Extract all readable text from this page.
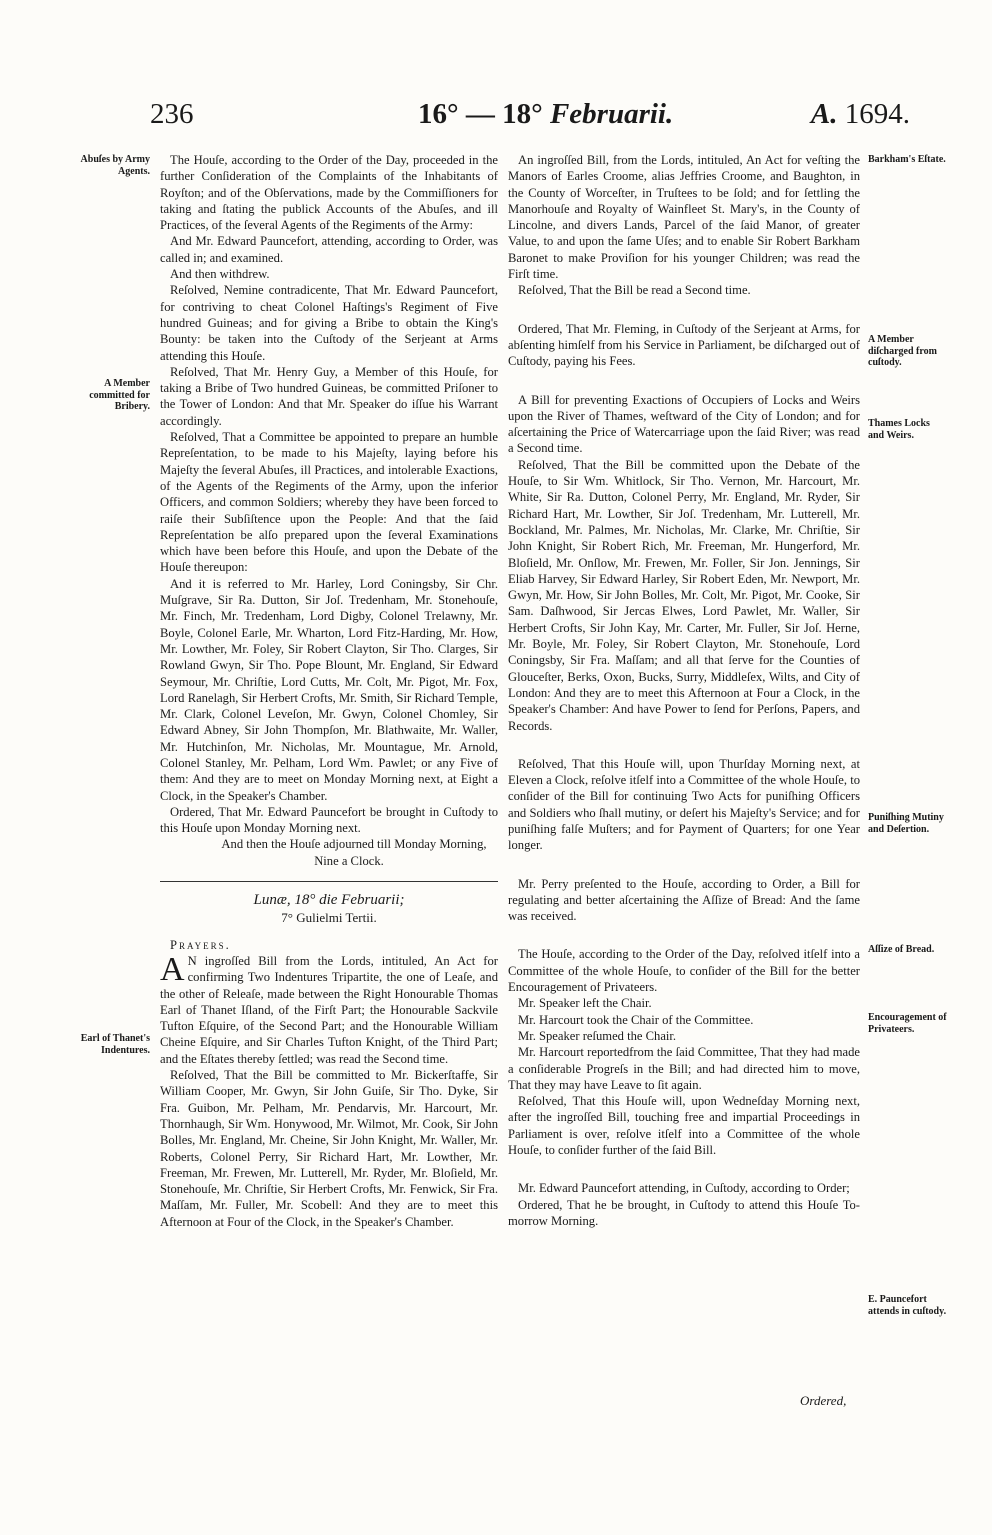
236	16° — 18° Februarii.	A. 1694.
Abuſes by Army Agents.
A Member committed for Bribery.
Earl of Thanet's Indentures.
Barkham's Eſtate.
A Member diſcharged from cuſtody.
Thames Locks and Weirs.
Puniſhing Mutiny and Deſertion.
Aſſize of Bread.
Encouragement of Privateers.
E. Pauncefort attends in cuſtody.

The Houſe, according to the Order of the Day, proceeded in the further Conſideration of the Complaints of the Inhabitants of Royſton; and of the Obſervations, made by the Commiſſioners for taking and ſtating the publick Accounts of the Abuſes, and ill Practices, of the ſeveral Agents of the Regiments of the Army:

And Mr. Edward Pauncefort, attending, according to Order, was called in; and examined.

And then withdrew.

Reſolved, Nemine contradicente, That Mr. Edward Pauncefort, for contriving to cheat Colonel Haſtings's Regiment of Five hundred Guineas; and for giving a Bribe to obtain the King's Bounty: be taken into the Cuſtody of the Serjeant at Arms attending this Houſe.

Reſolved, That Mr. Henry Guy, a Member of this Houſe, for taking a Bribe of Two hundred Guineas, be committed Priſoner to the Tower of London: And that Mr. Speaker do iſſue his Warrant accordingly.

Reſolved, That a Committee be appointed to prepare an humble Repreſentation, to be made to his Majeſty, laying before his Majeſty the ſeveral Abuſes, ill Practices, and intolerable Exactions, of the Agents of the Regiments of the Army, upon the inferior Officers, and common Soldiers; whereby they have been forced to raiſe their Subſiſtence upon the People: And that the ſaid Repreſentation be alſo prepared upon the ſeveral Examinations which have been before this Houſe, and upon the Debate of the Houſe thereupon:

And it is referred to Mr. Harley, Lord Coningsby, Sir Chr. Muſgrave, Sir Ra. Dutton, Sir Joſ. Tredenham, Mr. Stonehouſe, Mr. Finch, Mr. Tredenham, Lord Digby, Colonel Trelawny, Mr. Boyle, Colonel Earle, Mr. Wharton, Lord Fitz-Harding, Mr. How, Mr. Lowther, Mr. Foley, Sir Robert Clayton, Sir Tho. Clarges, Sir Rowland Gwyn, Sir Tho. Pope Blount, Mr. England, Sir Edward Seymour, Mr. Chriſtie, Lord Cutts, Mr. Colt, Mr. Pigot, Mr. Fox, Lord Ranelagh, Sir Herbert Crofts, Mr. Smith, Sir Richard Temple, Mr. Clark, Colonel Leveſon, Mr. Gwyn, Colonel Chomley, Sir Edward Abney, Sir John Thompſon, Mr. Blathwaite, Mr. Waller, Mr. Hutchinſon, Mr. Nicholas, Mr. Mountague, Mr. Arnold, Colonel Stanley, Mr. Pelham, Lord Wm. Pawlet; or any Five of them: And they are to meet on Monday Morning next, at Eight a Clock, in the Speaker's Chamber.

Ordered, That Mr. Edward Pauncefort be brought in Cuſtody to this Houſe upon Monday Morning next.

And then the Houſe adjourned till Monday Morning, Nine a Clock.

Lunæ, 18° die Februarii;
7° Gulielmi Tertii.

Prayers.

A N ingroſſed Bill from the Lords, intituled, An Act for confirming Two Indentures Tripartite, the one of Leaſe, and the other of Releaſe, made between the Right Honourable Thomas Earl of Thanet Iſland, of the Firſt Part; the Honourable Sackvile Tufton Eſquire, of the Second Part; and the Honourable William Cheine Eſquire, and Sir Charles Tufton Knight, of the Third Part; and the Eſtates thereby ſettled; was read the Second time.

Reſolved, That the Bill be committed to Mr. Bickerſtaffe, Sir William Cooper, Mr. Gwyn, Sir John Guiſe, Sir Tho. Dyke, Sir Fra. Guibon, Mr. Pelham, Mr. Pendarvis, Mr. Harcourt, Mr. Thornhaugh, Sir Wm. Honywood, Mr. Wilmot, Mr. Cook, Sir John Bolles, Mr. England, Mr. Cheine, Sir John Knight, Mr. Waller, Mr. Roberts, Colonel Perry, Sir Richard Hart, Mr. Lowther, Mr. Freeman, Mr. Frewen, Mr. Lutterell, Mr. Ryder, Mr. Bloſield, Mr. Stonehouſe, Mr. Chriſtie, Sir Herbert Crofts, Mr. Fenwick, Sir Fra. Maſſam, Mr. Fuller, Mr. Scobell: And they are to meet this Afternoon at Four of the Clock, in the Speaker's Chamber.

An ingroſſed Bill, from the Lords, intituled, An Act for veſting the Manors of Earles Croome, alias Jeffries Croome, and Baughton, in the County of Worceſter, in Truſtees to be ſold; and for ſettling the Manorhouſe and Royalty of Wainfleet St. Mary's, in the County of Lincolne, and divers Lands, Parcel of the ſaid Manor, of greater Value, to and upon the ſame Uſes; and to enable Sir Robert Barkham Baronet to make Proviſion for his younger Children; was read the Firſt time.

Reſolved, That the Bill be read a Second time.

Ordered, That Mr. Fleming, in Cuſtody of the Serjeant at Arms, for abſenting himſelf from his Service in Parliament, be diſcharged out of Cuſtody, paying his Fees.

A Bill for preventing Exactions of Occupiers of Locks and Weirs upon the River of Thames, weſtward of the City of London; and for aſcertaining the Price of Watercarriage upon the ſaid River; was read a Second time.

Reſolved, That the Bill be committed upon the Debate of the Houſe, to Sir Wm. Whitlock, Sir Tho. Vernon, Mr. Harcourt, Mr. White, Sir Ra. Dutton, Colonel Perry, Mr. England, Mr. Ryder, Sir Richard Hart, Mr. Lowther, Sir Joſ. Tredenham, Mr. Lutterell, Mr. Bockland, Mr. Palmes, Mr. Nicholas, Mr. Clarke, Mr. Chriſtie, Sir John Knight, Sir Robert Rich, Mr. Freeman, Mr. Hungerford, Mr. Bloſield, Mr. Onſlow, Mr. Frewen, Mr. Foller, Sir Jon. Jennings, Sir Eliab Harvey, Sir Edward Harley, Sir Robert Eden, Mr. Newport, Mr. Gwyn, Mr. How, Sir John Bolles, Mr. Colt, Mr. Pigot, Mr. Cooke, Sir Sam. Daſhwood, Sir Jercas Elwes, Lord Pawlet, Mr. Waller, Sir Herbert Crofts, Sir John Kay, Mr. Carter, Mr. Fuller, Sir Joſ. Herne, Mr. Boyle, Mr. Foley, Sir Robert Clayton, Mr. Stonehouſe, Lord Coningsby, Sir Fra. Maſſam; and all that ſerve for the Counties of Glouceſter, Berks, Oxon, Bucks, Surry, Middleſex, Wilts, and City of London: And they are to meet this Afternoon at Four a Clock, in the Speaker's Chamber: And have Power to ſend for Perſons, Papers, and Records.

Reſolved, That this Houſe will, upon Thurſday Morning next, at Eleven a Clock, reſolve itſelf into a Committee of the whole Houſe, to conſider of the Bill for continuing Two Acts for puniſhing Officers and Soldiers who ſhall mutiny, or deſert his Majeſty's Service; and for puniſhing falſe Muſters; and for Payment of Quarters; for one Year longer.

Mr. Perry preſented to the Houſe, according to Order, a Bill for regulating and better aſcertaining the Aſſize of Bread: And the ſame was received.

The Houſe, according to the Order of the Day, reſolved itſelf into a Committee of the whole Houſe, to conſider of the Bill for the better Encouragement of Privateers.

Mr. Speaker left the Chair.

Mr. Harcourt took the Chair of the Committee.

Mr. Speaker reſumed the Chair.

Mr. Harcourt reportedfrom the ſaid Committee, That they had made a conſiderable Progreſs in the Bill; and had directed him to move, That they may have Leave to ſit again.

Reſolved, That this Houſe will, upon Wedneſday Morning next, after the ingroſſed Bill, touching free and impartial Proceedings in Parliament is over, reſolve itſelf into a Committee of the whole Houſe, to conſider further of the ſaid Bill.

Mr. Edward Pauncefort attending, in Cuſtody, according to Order;

Ordered, That he be brought, in Cuſtody to attend this Houſe To-morrow Morning.

Ordered,
